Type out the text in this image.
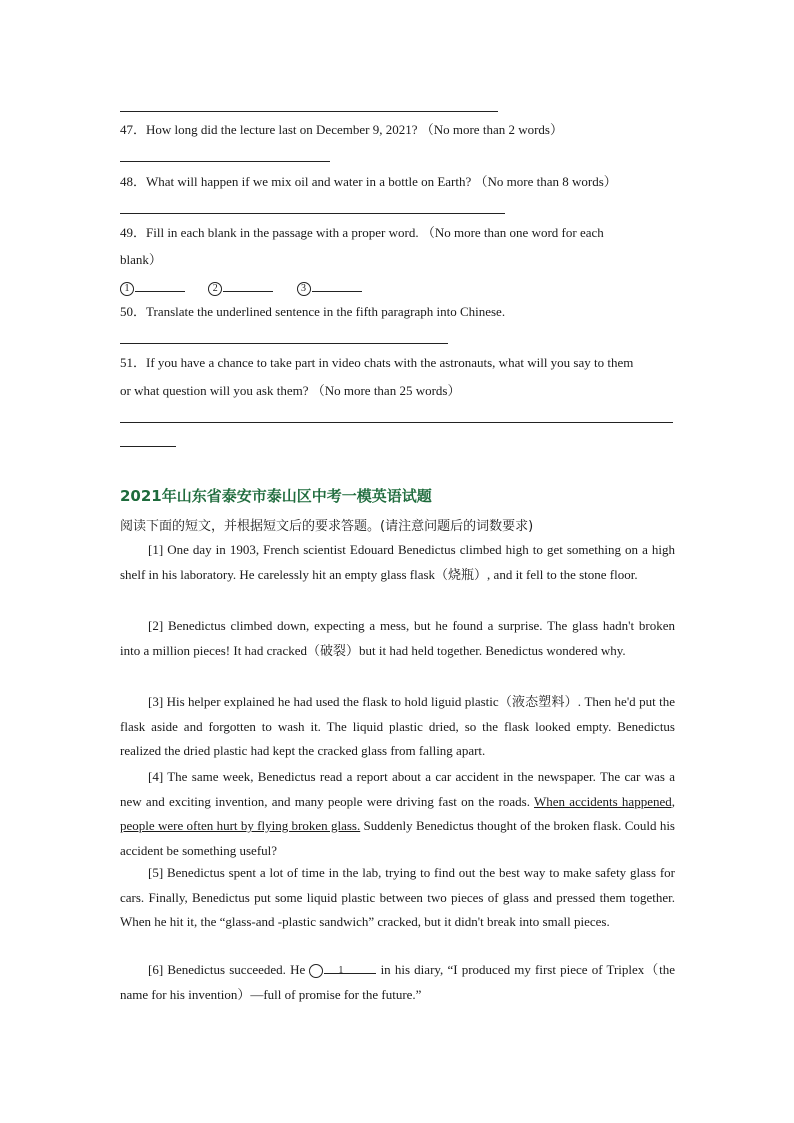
47．How long did the lecture last on December 9, 2021? （No more than 2 words）
48．What will happen if we mix oil and water in a bottle on Earth? （No more than 8 words）
49．Fill in each blank in the passage with a proper word. （No more than one word for each
blank）
1	2	3
50．Translate the underlined sentence in the fifth paragraph into Chinese.
51．If you have a chance to take part in video chats with the astronauts, what will you say to them
or what question will you ask them? （No more than 25 words）
2021年山东省泰安市泰山区中考一模英语试题
阅读下面的短文，并根据短文后的要求答题。(请注意问题后的词数要求)
[1] One day in 1903, French scientist Edouard Benedictus climbed high to get something on a high shelf in his laboratory. He carelessly hit an empty glass flask（烧瓶）, and it fell to the stone floor.
[2] Benedictus climbed down, expecting a mess, but he found a surprise. The glass hadn't broken into a million pieces! It had cracked（破裂）but it had held together. Benedictus wondered why.
[3] His helper explained he had used the flask to hold liguid plastic（液态塑料）. Then he'd put the flask aside and forgotten to wash it. The liquid plastic dried, so the flask looked empty. Benedictus realized the dried plastic had kept the cracked glass from falling apart.
[4] The same week, Benedictus read a report about a car accident in the newspaper. The car was a new and exciting invention, and many people were driving fast on the roads. When accidents happened, people were often hurt by flying broken glass. Suddenly Benedictus thought of the broken flask. Could his accident be something useful?
[5] Benedictus spent a lot of time in the lab, trying to find out the best way to make safety glass for cars. Finally, Benedictus put some liquid plastic between two pieces of glass and pressed them together. When he hit it, the “glass-and -plastic sandwich” cracked, but it didn't break into small pieces.
[6] Benedictus succeeded. He	1	in his diary, “I produced my first piece of Triplex（the name for his invention）—full of promise for the future.”
